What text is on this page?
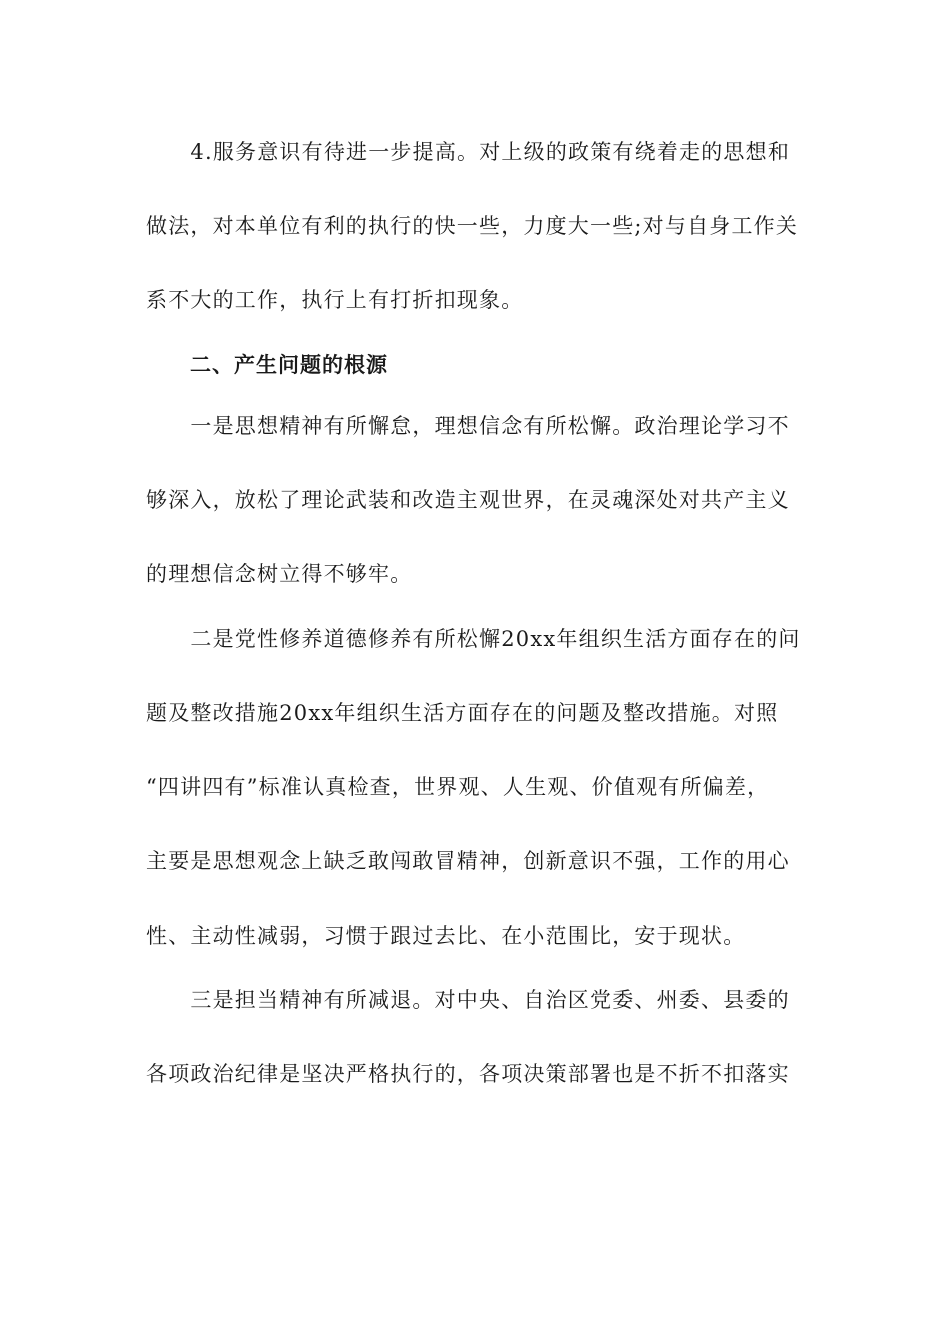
　　4.服务意识有待进一步提高。对上级的政策有绕着走的思想和
做法，对本单位有利的执行的快一些，力度大一些;对与自身工作关
系不大的工作，执行上有打折扣现象。
　　二、产生问题的根源
　　一是思想精神有所懈怠，理想信念有所松懈。政治理论学习不
够深入，放松了理论武装和改造主观世界，在灵魂深处对共产主义
的理想信念树立得不够牢。
　　二是党性修养道德修养有所松懈20xx年组织生活方面存在的问
题及整改措施20xx年组织生活方面存在的问题及整改措施。对照
“四讲四有”标准认真检查，世界观、人生观、价值观有所偏差，
主要是思想观念上缺乏敢闯敢冒精神，创新意识不强，工作的用心
性、主动性减弱，习惯于跟过去比、在小范围比，安于现状。
　　三是担当精神有所减退。对中央、自治区党委、州委、县委的
各项政治纪律是坚决严格执行的，各项决策部署也是不折不扣落实
